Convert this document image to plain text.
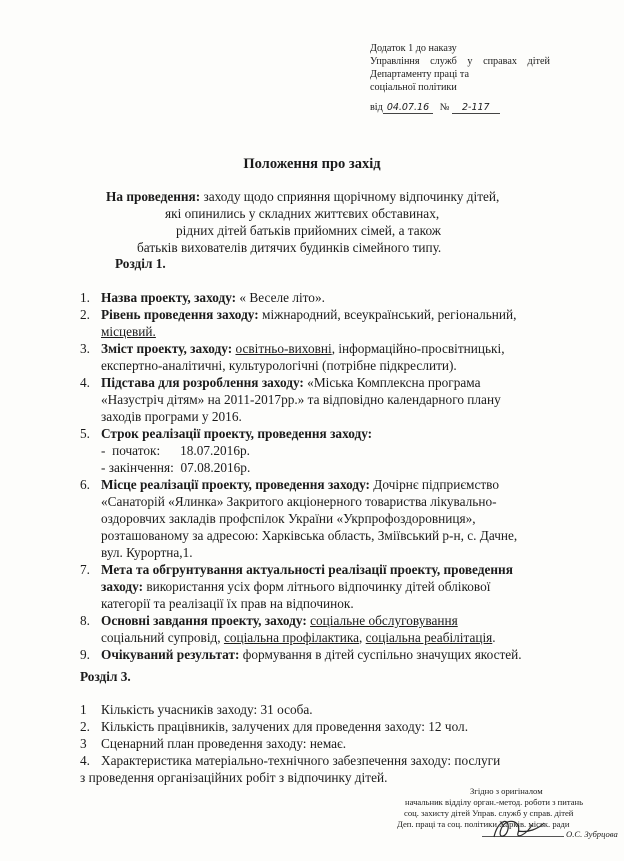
Додаток 1 до наказу
Управління служб у справах дітей
Департаменту праці та
соціальної політики
від 04.07.16 № 2-117
Положення про захід
На проведення: заходу щодо сприяння щорічному відпочинку дітей,
які опинились у складних життєвих обставинах,
рідних дітей батьків прийомних сімей, а також
батьків вихователів дитячих будинків сімейного типу.
Розділ 1.
1. Назва проекту, заходу: « Веселе літо».
2. Рівень проведення заходу: міжнародний, всеукраїнський, регіональний,
місцевий.
3. Зміст проекту, заходу: освітньо-виховні, інформаційно-просвітницькі,
експертно-аналітичні, культурологічні (потрібне підкреслити).
4. Підстава для розроблення заходу: «Міська Комплексна програма
«Назустріч дітям» на 2011-2017рр.» та відповідно календарного плану
заходів програми у 2016.
5. Строк реалізації проекту, проведення заходу:
-  початок:      18.07.2016р.
- закінчення:  07.08.2016р.
6. Місце реалізації проекту, проведення заходу: Дочірнє підприємство
«Санаторій «Ялинка» Закритого акціонерного товариства лікувально-
оздоровчих закладів профспілок України «Укрпрофоздоровниця»,
розташованому за адресою: Харківська область, Зміївський р-н, с. Дачне,
вул. Курортна,1.
7. Мета та обгрунтування актуальності реалізації проекту, проведення
заходу: використання усіх форм літнього відпочинку дітей облікової
категорії та реалізації їх прав на відпочинок.
8. Основні завдання проекту, заходу: соціальне обслуговування
соціальний супровід, соціальна профілактика, соціальна реабілітація.
9. Очікуваний результат: формування в дітей суспільно значущих якостей.
Розділ 3.
1 Кількість учасників заходу: 31 особа.
2. Кількість працівників, залучених для проведення заходу: 12 чол.
3 Сценарний план проведення заходу: немає.
4. Характеристика матеріально-технічного забезпечення заходу: послуги
з проведення організаційних робіт з відпочинку дітей.
Згідно з оригіналом
начальник відділу орган.-метод. роботи з питань
соц. захисту дітей Управ. служб у справ. дітей
Деп. праці та соц. політики Харків. міськ. ради
О.С. Зубрцова
